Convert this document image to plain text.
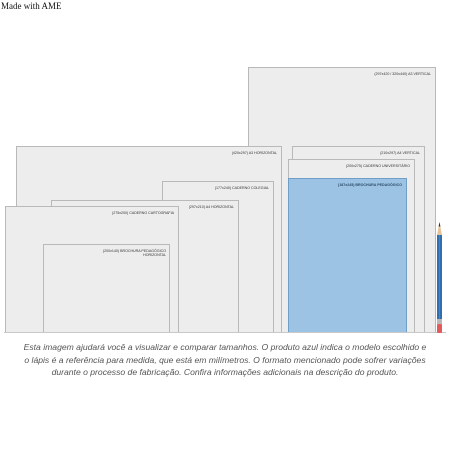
Made with AME
(297x420 / 320x440) A3 VERTICAL
(420x297) A3 HORIZONTAL	(210x297) A4 VERTICAL
(200x275) CADERNO UNIVERSITÁRIO
(187x245) BROCHURA PEDAGÓGICO
(177x240) CADERNO COLEGIAL
(297x210) A4 HORIZONTAL
(275x200) CADERNO CARTOGRAFIA
(200x140) BROCHURA PEDAGÓGICO
HORIZONTAL
Esta imagem ajudará você a visualizar e comparar tamanhos. O produto azul indica o modelo escolhido e
o lápis é a referência para medida, que está em milímetros. O formato mencionado pode sofrer variações
durante o processo de fabricação. Confira informações adicionais na descrição do produto.
